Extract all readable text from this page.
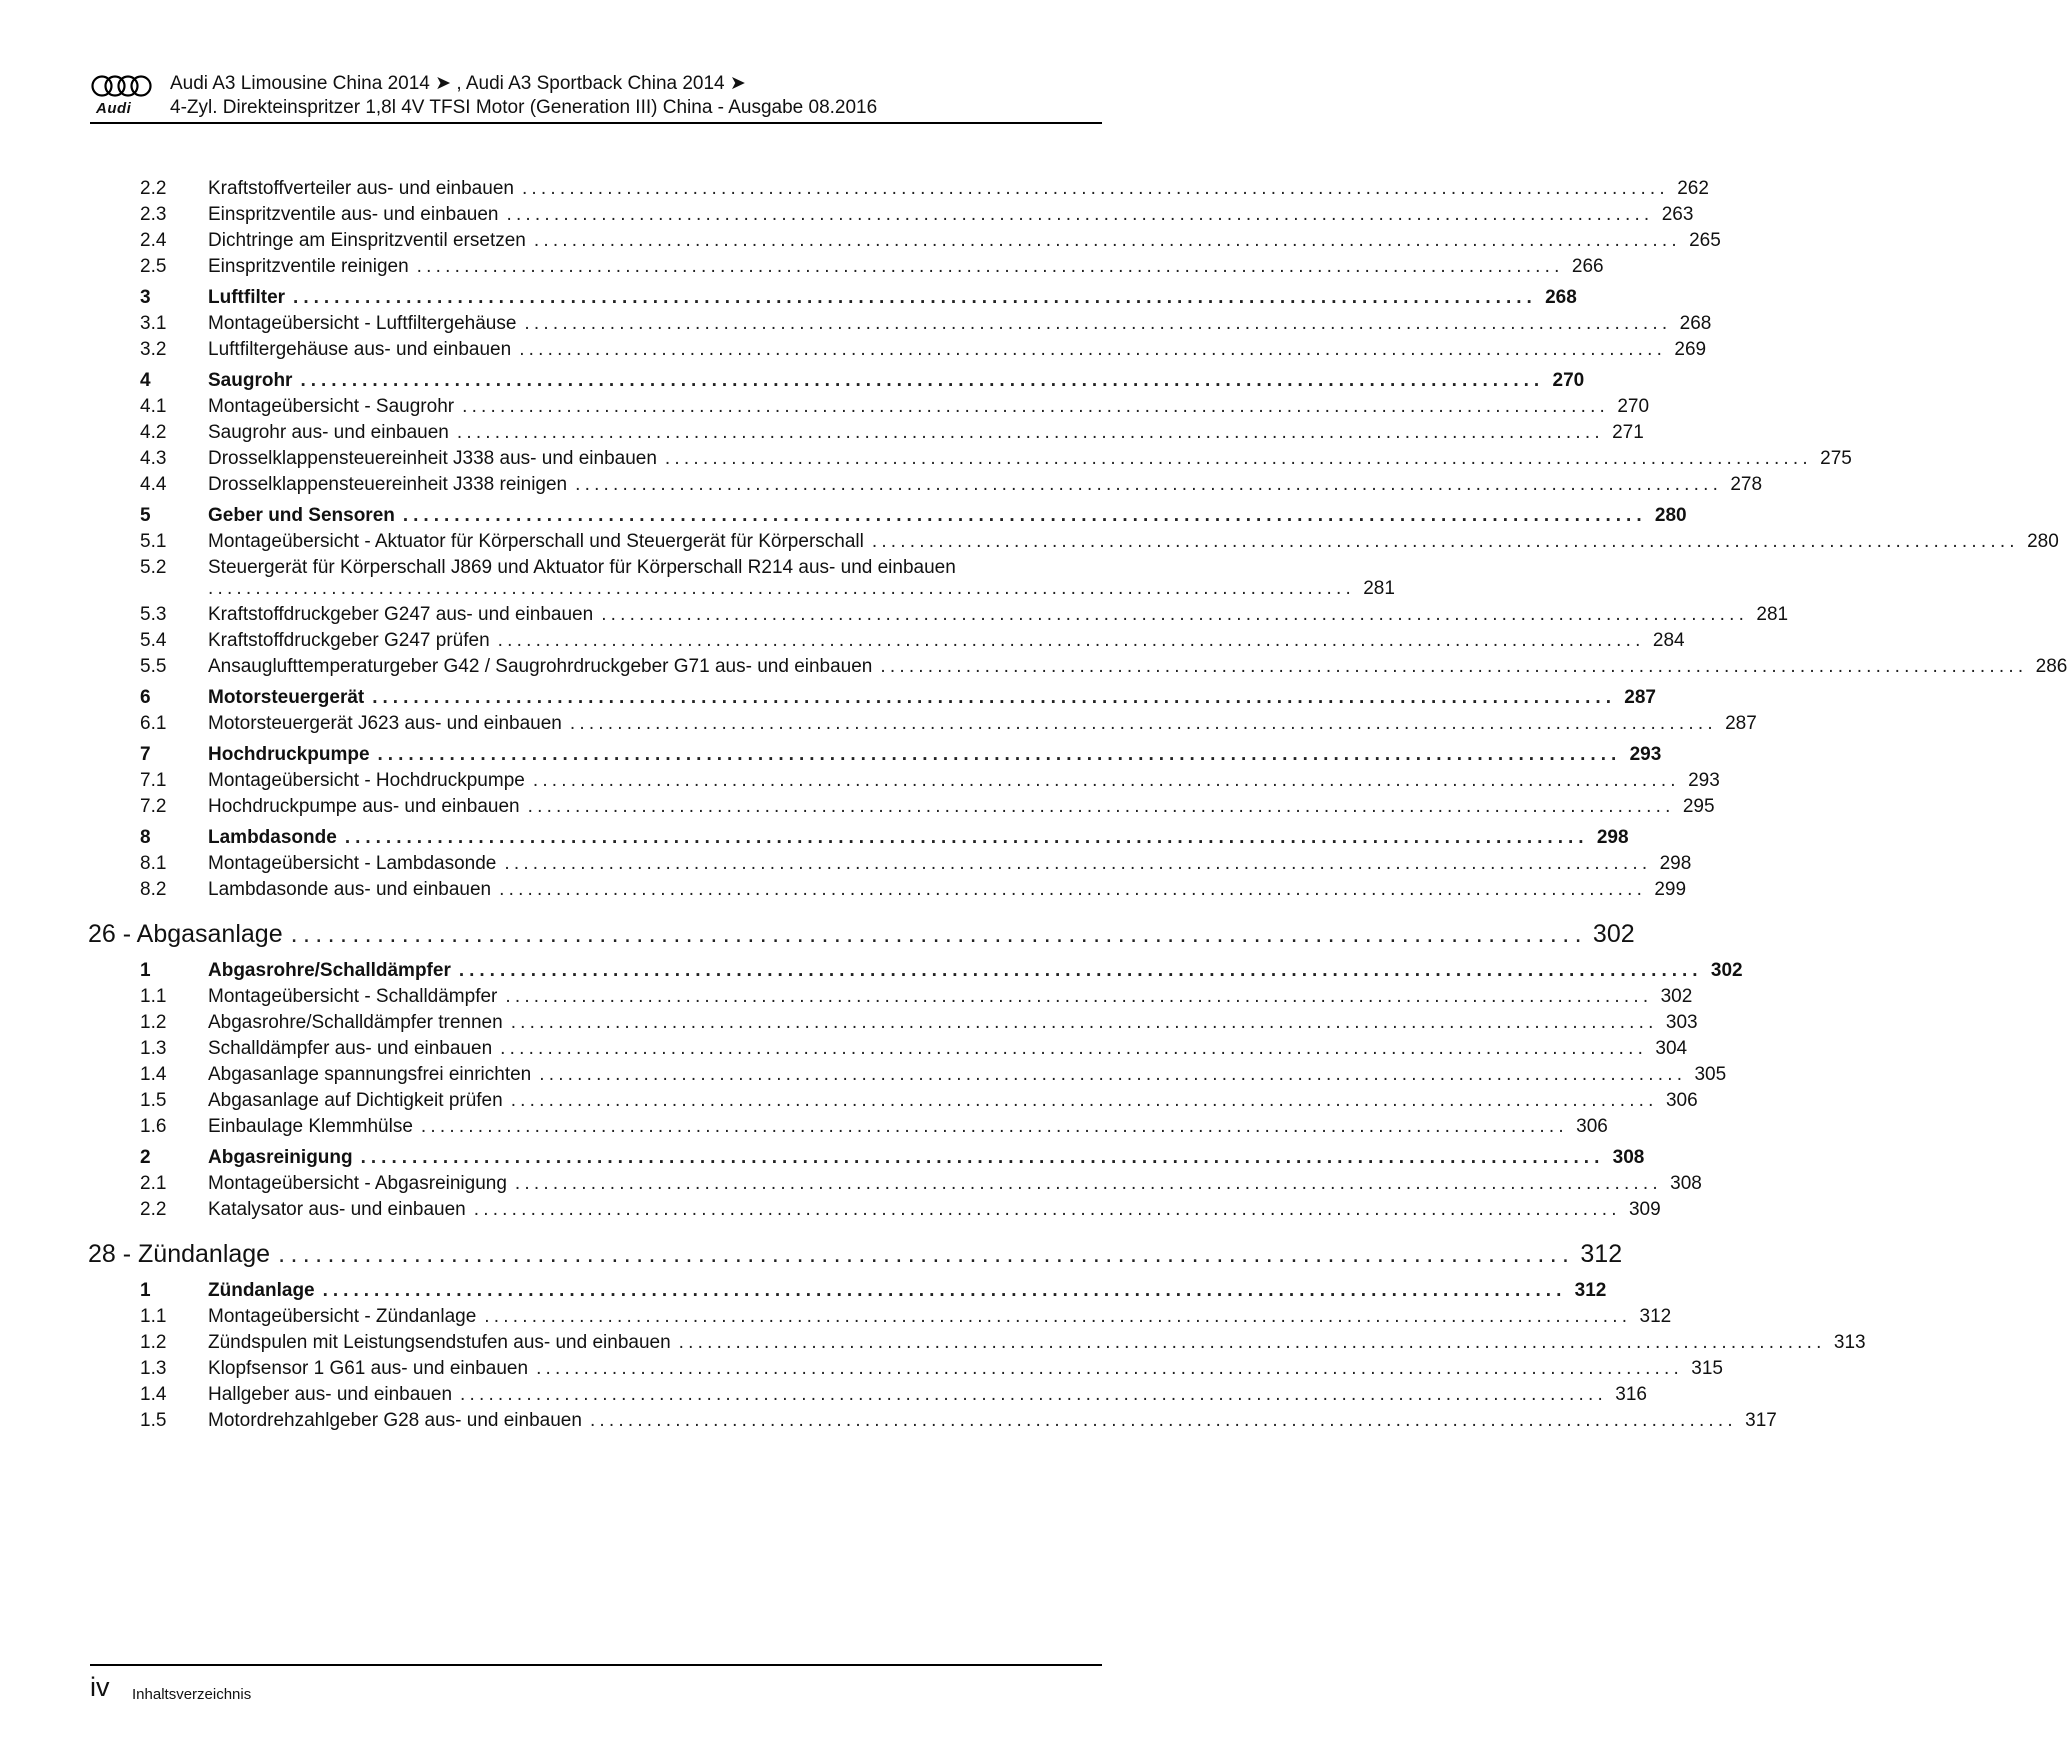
Audi
Audi A3 Limousine China 2014 ➤ , Audi A3 Sportback China 2014 ➤
4-Zyl. Direkteinspritzer 1,8l 4V TFSI Motor (Generation III) China - Ausgabe 08.2016
2.2	Kraftstoffverteiler aus- und einbauen ......................................................................................................................... 262
2.3	Einspritzventile aus- und einbauen ......................................................................................................................... 263
2.4	Dichtringe am Einspritzventil ersetzen ......................................................................................................................... 265
2.5	Einspritzventile reinigen ......................................................................................................................... 266
3	Luftfilter ......................................................................................................................... 268
3.1	Montageübersicht - Luftfiltergehäuse ......................................................................................................................... 268
3.2	Luftfiltergehäuse aus- und einbauen ......................................................................................................................... 269
4	Saugrohr ......................................................................................................................... 270
4.1	Montageübersicht - Saugrohr ......................................................................................................................... 270
4.2	Saugrohr aus- und einbauen ......................................................................................................................... 271
4.3	Drosselklappensteuereinheit J338 aus- und einbauen ......................................................................................................................... 275
4.4	Drosselklappensteuereinheit J338 reinigen ......................................................................................................................... 278
5	Geber und Sensoren ......................................................................................................................... 280
5.1	Montageübersicht - Aktuator für Körperschall und Steuergerät für Körperschall ......................................................................................................................... 280
5.2 Steuergerät für Körperschall J869 und Aktuator für Körperschall R214 aus- und einbauen
......................................................................................................................... 281
5.3	Kraftstoffdruckgeber G247 aus- und einbauen ......................................................................................................................... 281
5.4	Kraftstoffdruckgeber G247 prüfen ......................................................................................................................... 284
5.5	Ansauglufttemperaturgeber G42 / Saugrohrdruckgeber G71 aus- und einbauen ......................................................................................................................... 286
6	Motorsteuergerät ......................................................................................................................... 287
6.1	Motorsteuergerät J623 aus- und einbauen ......................................................................................................................... 287
7	Hochdruckpumpe ......................................................................................................................... 293
7.1	Montageübersicht - Hochdruckpumpe ......................................................................................................................... 293
7.2	Hochdruckpumpe aus- und einbauen ......................................................................................................................... 295
8	Lambdasonde ......................................................................................................................... 298
8.1	Montageübersicht - Lambdasonde ......................................................................................................................... 298
8.2	Lambdasonde aus- und einbauen ......................................................................................................................... 299
26 - Abgasanlage ......................................................................................................... 302
1	Abgasrohre/Schalldämpfer ......................................................................................................................... 302
1.1	Montageübersicht - Schalldämpfer ......................................................................................................................... 302
1.2	Abgasrohre/Schalldämpfer trennen ......................................................................................................................... 303
1.3	Schalldämpfer aus- und einbauen ......................................................................................................................... 304
1.4	Abgasanlage spannungsfrei einrichten ......................................................................................................................... 305
1.5	Abgasanlage auf Dichtigkeit prüfen ......................................................................................................................... 306
1.6	Einbaulage Klemmhülse ......................................................................................................................... 306
2	Abgasreinigung ......................................................................................................................... 308
2.1	Montageübersicht - Abgasreinigung ......................................................................................................................... 308
2.2	Katalysator aus- und einbauen ......................................................................................................................... 309
28 - Zündanlage ......................................................................................................... 312
1	Zündanlage ......................................................................................................................... 312
1.1	Montageübersicht - Zündanlage ......................................................................................................................... 312
1.2	Zündspulen mit Leistungsendstufen aus- und einbauen ......................................................................................................................... 313
1.3	Klopfsensor 1 G61 aus- und einbauen ......................................................................................................................... 315
1.4	Hallgeber aus- und einbauen ......................................................................................................................... 316
1.5	Motordrehzahlgeber G28 aus- und einbauen ......................................................................................................................... 317
iv Inhaltsverzeichnis
